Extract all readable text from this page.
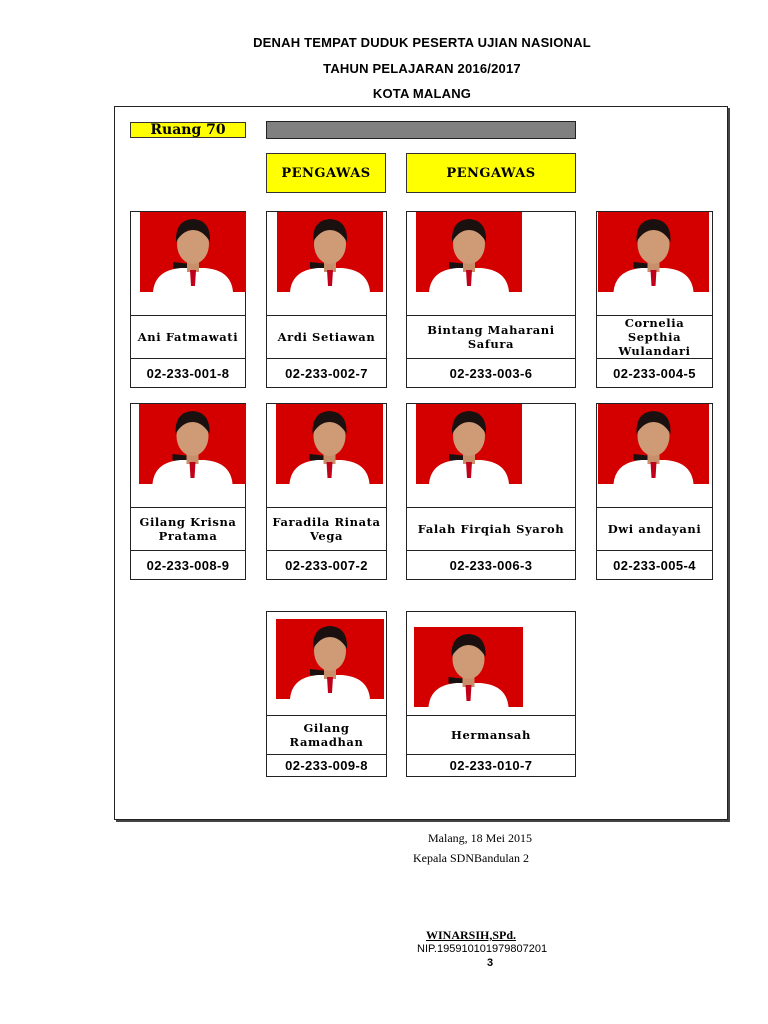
DENAH TEMPAT DUDUK PESERTA UJIAN NASIONAL
TAHUN PELAJARAN 2016/2017
KOTA MALANG
Ruang 70
PENGAWAS	PENGAWAS
Ani Fatmawati
02-233-001-8
Ardi Setiawan
02-233-002-7
Bintang Maharani Safura
02-233-003-6
Cornelia Septhia Wulandari
02-233-004-5
Gilang Krisna Pratama
02-233-008-9
Faradila Rinata Vega
02-233-007-2
Falah Firqiah Syaroh
02-233-006-3
Dwi andayani
02-233-005-4
Gilang Ramadhan
02-233-009-8
Hermansah
02-233-010-7
Malang, 18 Mei 2015
Kepala SDNBandulan 2
WINARSIH,SPd.
NIP.195910101979807201
3
